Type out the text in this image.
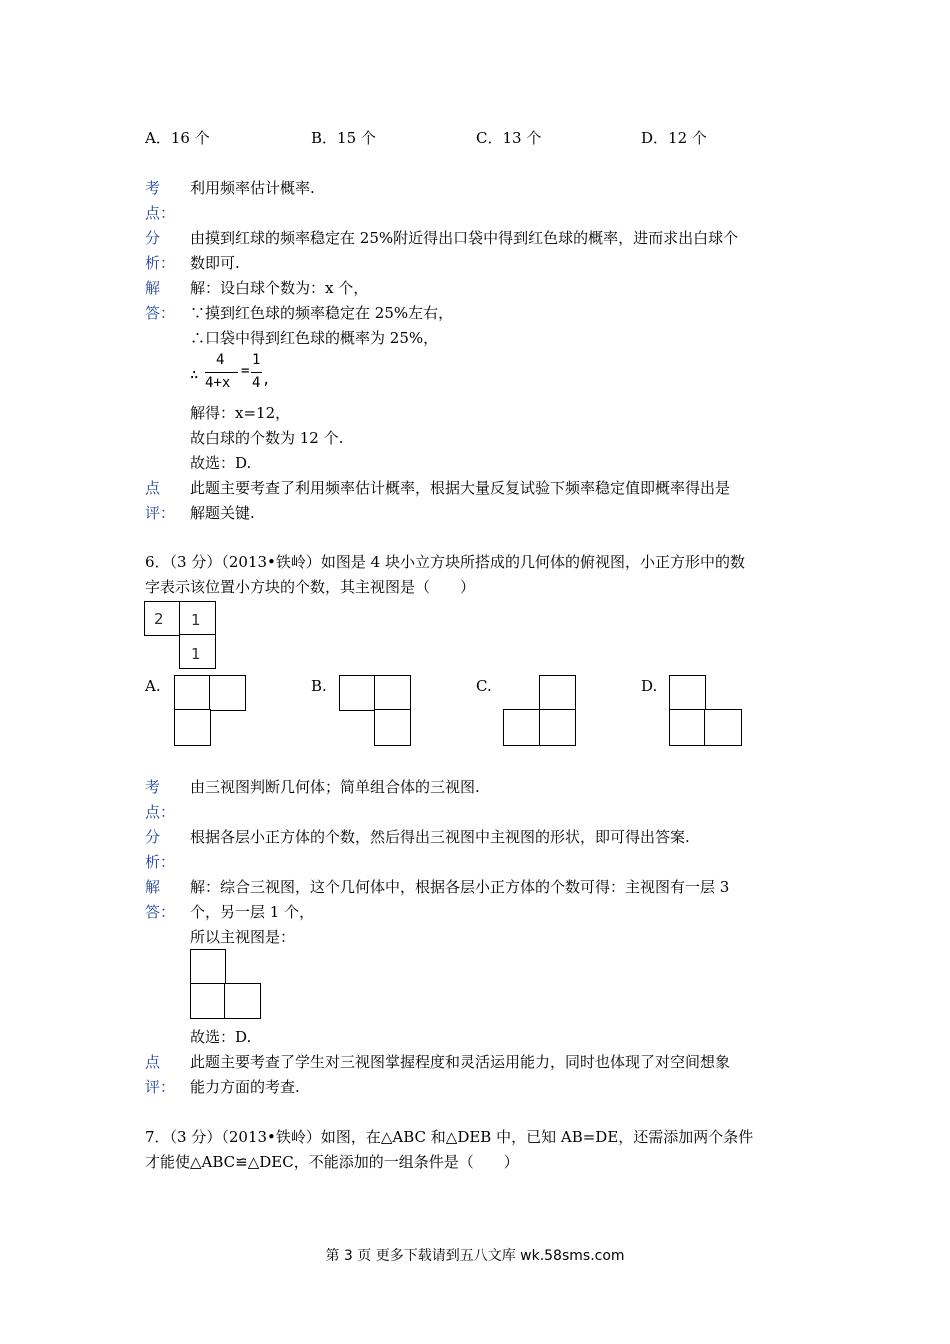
A．16 个	B．15 个	C．13 个	D．12 个
考
点：
利用频率估计概率.
分
析：
由摸到红球的频率稳定在 25%附近得出口袋中得到红色球的概率，进而求出白球个
数即可.
解
答：
解：设白球个数为：x 个，
∵摸到红色球的频率稳定在 25%左右，
∴口袋中得到红色球的概率为 25%，
∴
4
4+x
=
1
4 ,
解得：x=12，
故白球的个数为 12 个.
故选：D.
点
评：
此题主要考查了利用频率估计概率，根据大量反复试验下频率稳定值即概率得出是
解题关键.
6．（3 分）（2013•铁岭）如图是 4 块小立方块所搭成的几何体的俯视图，小正方形中的数
字表示该位置小方块的个数，其主视图是（　　）
2 1
1
A.	B.	C.	D.
考
点：
由三视图判断几何体；简单组合体的三视图.
分
析：
根据各层小正方体的个数，然后得出三视图中主视图的形状，即可得出答案.
解
答：
解：综合三视图，这个几何体中，根据各层小正方体的个数可得：主视图有一层 3
个，另一层 1 个，
所以主视图是：
故选：D.
点
评：
此题主要考查了学生对三视图掌握程度和灵活运用能力，同时也体现了对空间想象
能力方面的考查.
7．（3 分）（2013•铁岭）如图，在△ABC 和△DEB 中，已知 AB=DE，还需添加两个条件
才能使△ABC≌△DEC，不能添加的一组条件是（　　）
第 3 页 更多下载请到五八文库 wk.58sms.com
